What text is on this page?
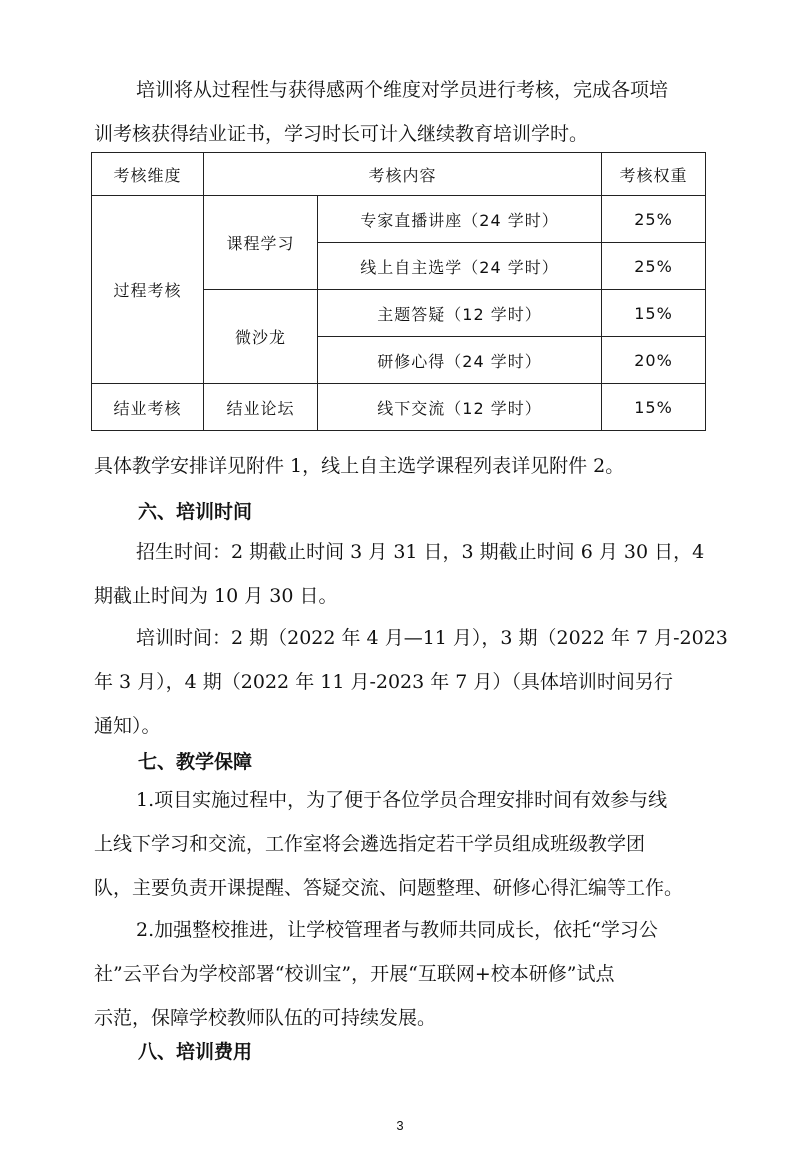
培训将从过程性与获得感两个维度对学员进行考核，完成各项培
训考核获得结业证书，学习时长可计入继续教育培训学时。
考核维度	考核内容		考核权重
过程考核	课程学习	专家直播讲座（24 学时）	25%
		线上自主选学（24 学时）	25%
	微沙龙	主题答疑（12 学时）	15%
		研修心得（24 学时）	20%
结业考核	结业论坛	线下交流（12 学时）	15%
具体教学安排详见附件 1，线上自主选学课程列表详见附件 2。
六、培训时间
招生时间：2 期截止时间 3 月 31 日，3 期截止时间 6 月 30 日，4
期截止时间为 10 月 30 日。
培训时间：2 期（2022 年 4 月—11 月），3 期（2022 年 7 月-2023
年 3 月），4 期（2022 年 11 月-2023 年 7 月）（具体培训时间另行
通知）。
七、教学保障
1.项目实施过程中，为了便于各位学员合理安排时间有效参与线
上线下学习和交流，工作室将会遴选指定若干学员组成班级教学团
队，主要负责开课提醒、答疑交流、问题整理、研修心得汇编等工作。
2.加强整校推进，让学校管理者与教师共同成长，依托“学习公
社”云平台为学校部署“校训宝”，开展“互联网+校本研修”试点
示范，保障学校教师队伍的可持续发展。
八、培训费用
3
